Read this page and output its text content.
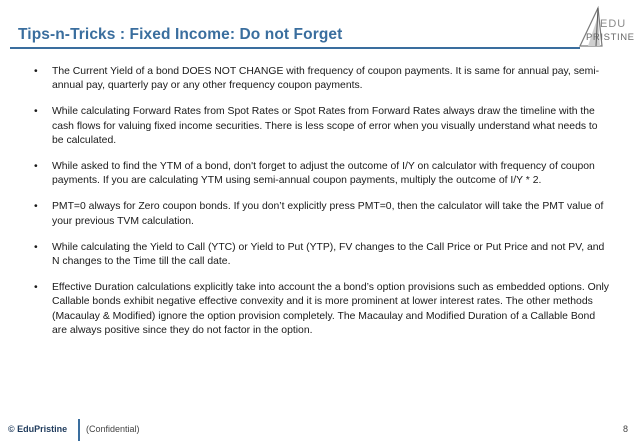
Tips-n-Tricks : Fixed Income: Do not Forget
EDU
PRISTINE
• The Current Yield of a bond DOES NOT CHANGE with frequency of coupon payments. It is same for annual pay, semi-annual pay, quarterly pay or any other frequency coupon payments.
• While calculating Forward Rates from Spot Rates or Spot Rates from Forward Rates always draw the timeline with the cash flows for valuing fixed income securities. There is less scope of error when you visually understand what needs to be calculated.
• While asked to find the YTM of a bond, don't forget to adjust the outcome of I/Y on calculator with frequency of coupon payments. If you are calculating YTM using semi-annual coupon payments, multiply the outcome of I/Y * 2.
• PMT=0 always for Zero coupon bonds. If you don’t explicitly press PMT=0, then the calculator will take the PMT value of your previous TVM calculation.
• While calculating the Yield to Call (YTC) or Yield to Put (YTP), FV changes to the Call Price or Put Price and not PV, and N changes to the Time till the call date.
• Effective Duration calculations explicitly take into account the a bond’s option provisions such as embedded options. Only Callable bonds exhibit negative effective convexity and it is more prominent at lower interest rates. The other methods (Macaulay & Modified) ignore the option provision completely. The Macaulay and Modified Duration of a Callable Bond are always positive since they do not factor in the option.
© EduPristine (Confidential)	8
